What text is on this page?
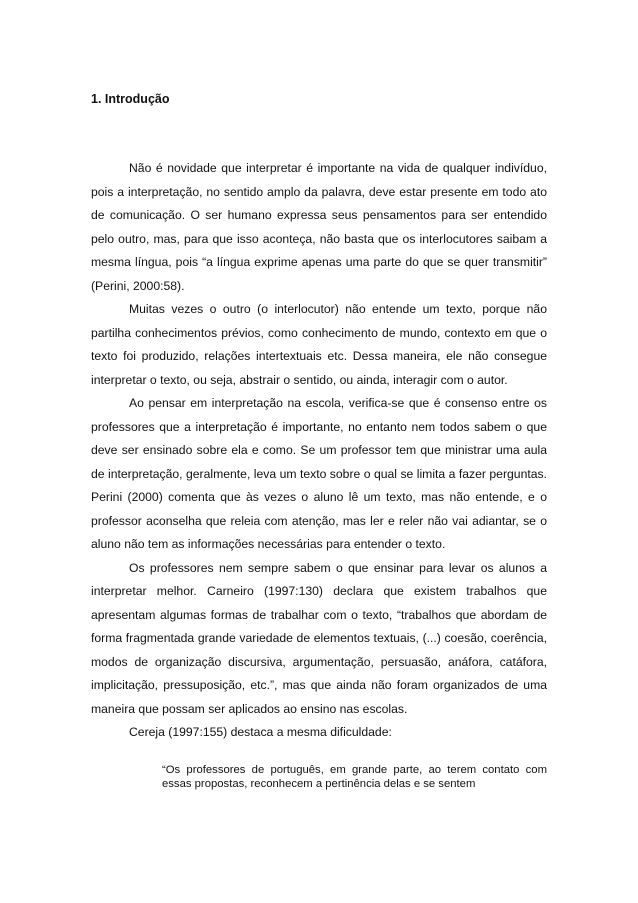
1. Introdução

Não é novidade que interpretar é importante na vida de qualquer indivíduo, pois a interpretação, no sentido amplo da palavra, deve estar presente em todo ato de comunicação. O ser humano expressa seus pensamentos para ser entendido pelo outro, mas, para que isso aconteça, não basta que os interlocutores saibam a mesma língua, pois “a língua exprime apenas uma parte do que se quer transmitir” (Perini, 2000:58).

Muitas vezes o outro (o interlocutor) não entende um texto, porque não partilha conhecimentos prévios, como conhecimento de mundo, contexto em que o texto foi produzido, relações intertextuais etc. Dessa maneira, ele não consegue interpretar o texto, ou seja, abstrair o sentido, ou ainda, interagir com o autor.

Ao pensar em interpretação na escola, verifica-se que é consenso entre os professores que a interpretação é importante, no entanto nem todos sabem o que deve ser ensinado sobre ela e como. Se um professor tem que ministrar uma aula de interpretação, geralmente, leva um texto sobre o qual se limita a fazer perguntas. Perini (2000) comenta que às vezes o aluno lê um texto, mas não entende, e o professor aconselha que releia com atenção, mas ler e reler não vai adiantar, se o aluno não tem as informações necessárias para entender o texto.

Os professores nem sempre sabem o que ensinar para levar os alunos a interpretar melhor. Carneiro (1997:130) declara que existem trabalhos que apresentam algumas formas de trabalhar com o texto, “trabalhos que abordam de forma fragmentada grande variedade de elementos textuais, (...) coesão, coerência, modos de organização discursiva, argumentação, persuasão, anáfora, catáfora, implicitação, pressuposição, etc.”, mas que ainda não foram organizados de uma maneira que possam ser aplicados ao ensino nas escolas.

Cereja (1997:155) destaca a mesma dificuldade:

“Os professores de português, em grande parte, ao terem contato com essas propostas, reconhecem a pertinência delas e se sentem
